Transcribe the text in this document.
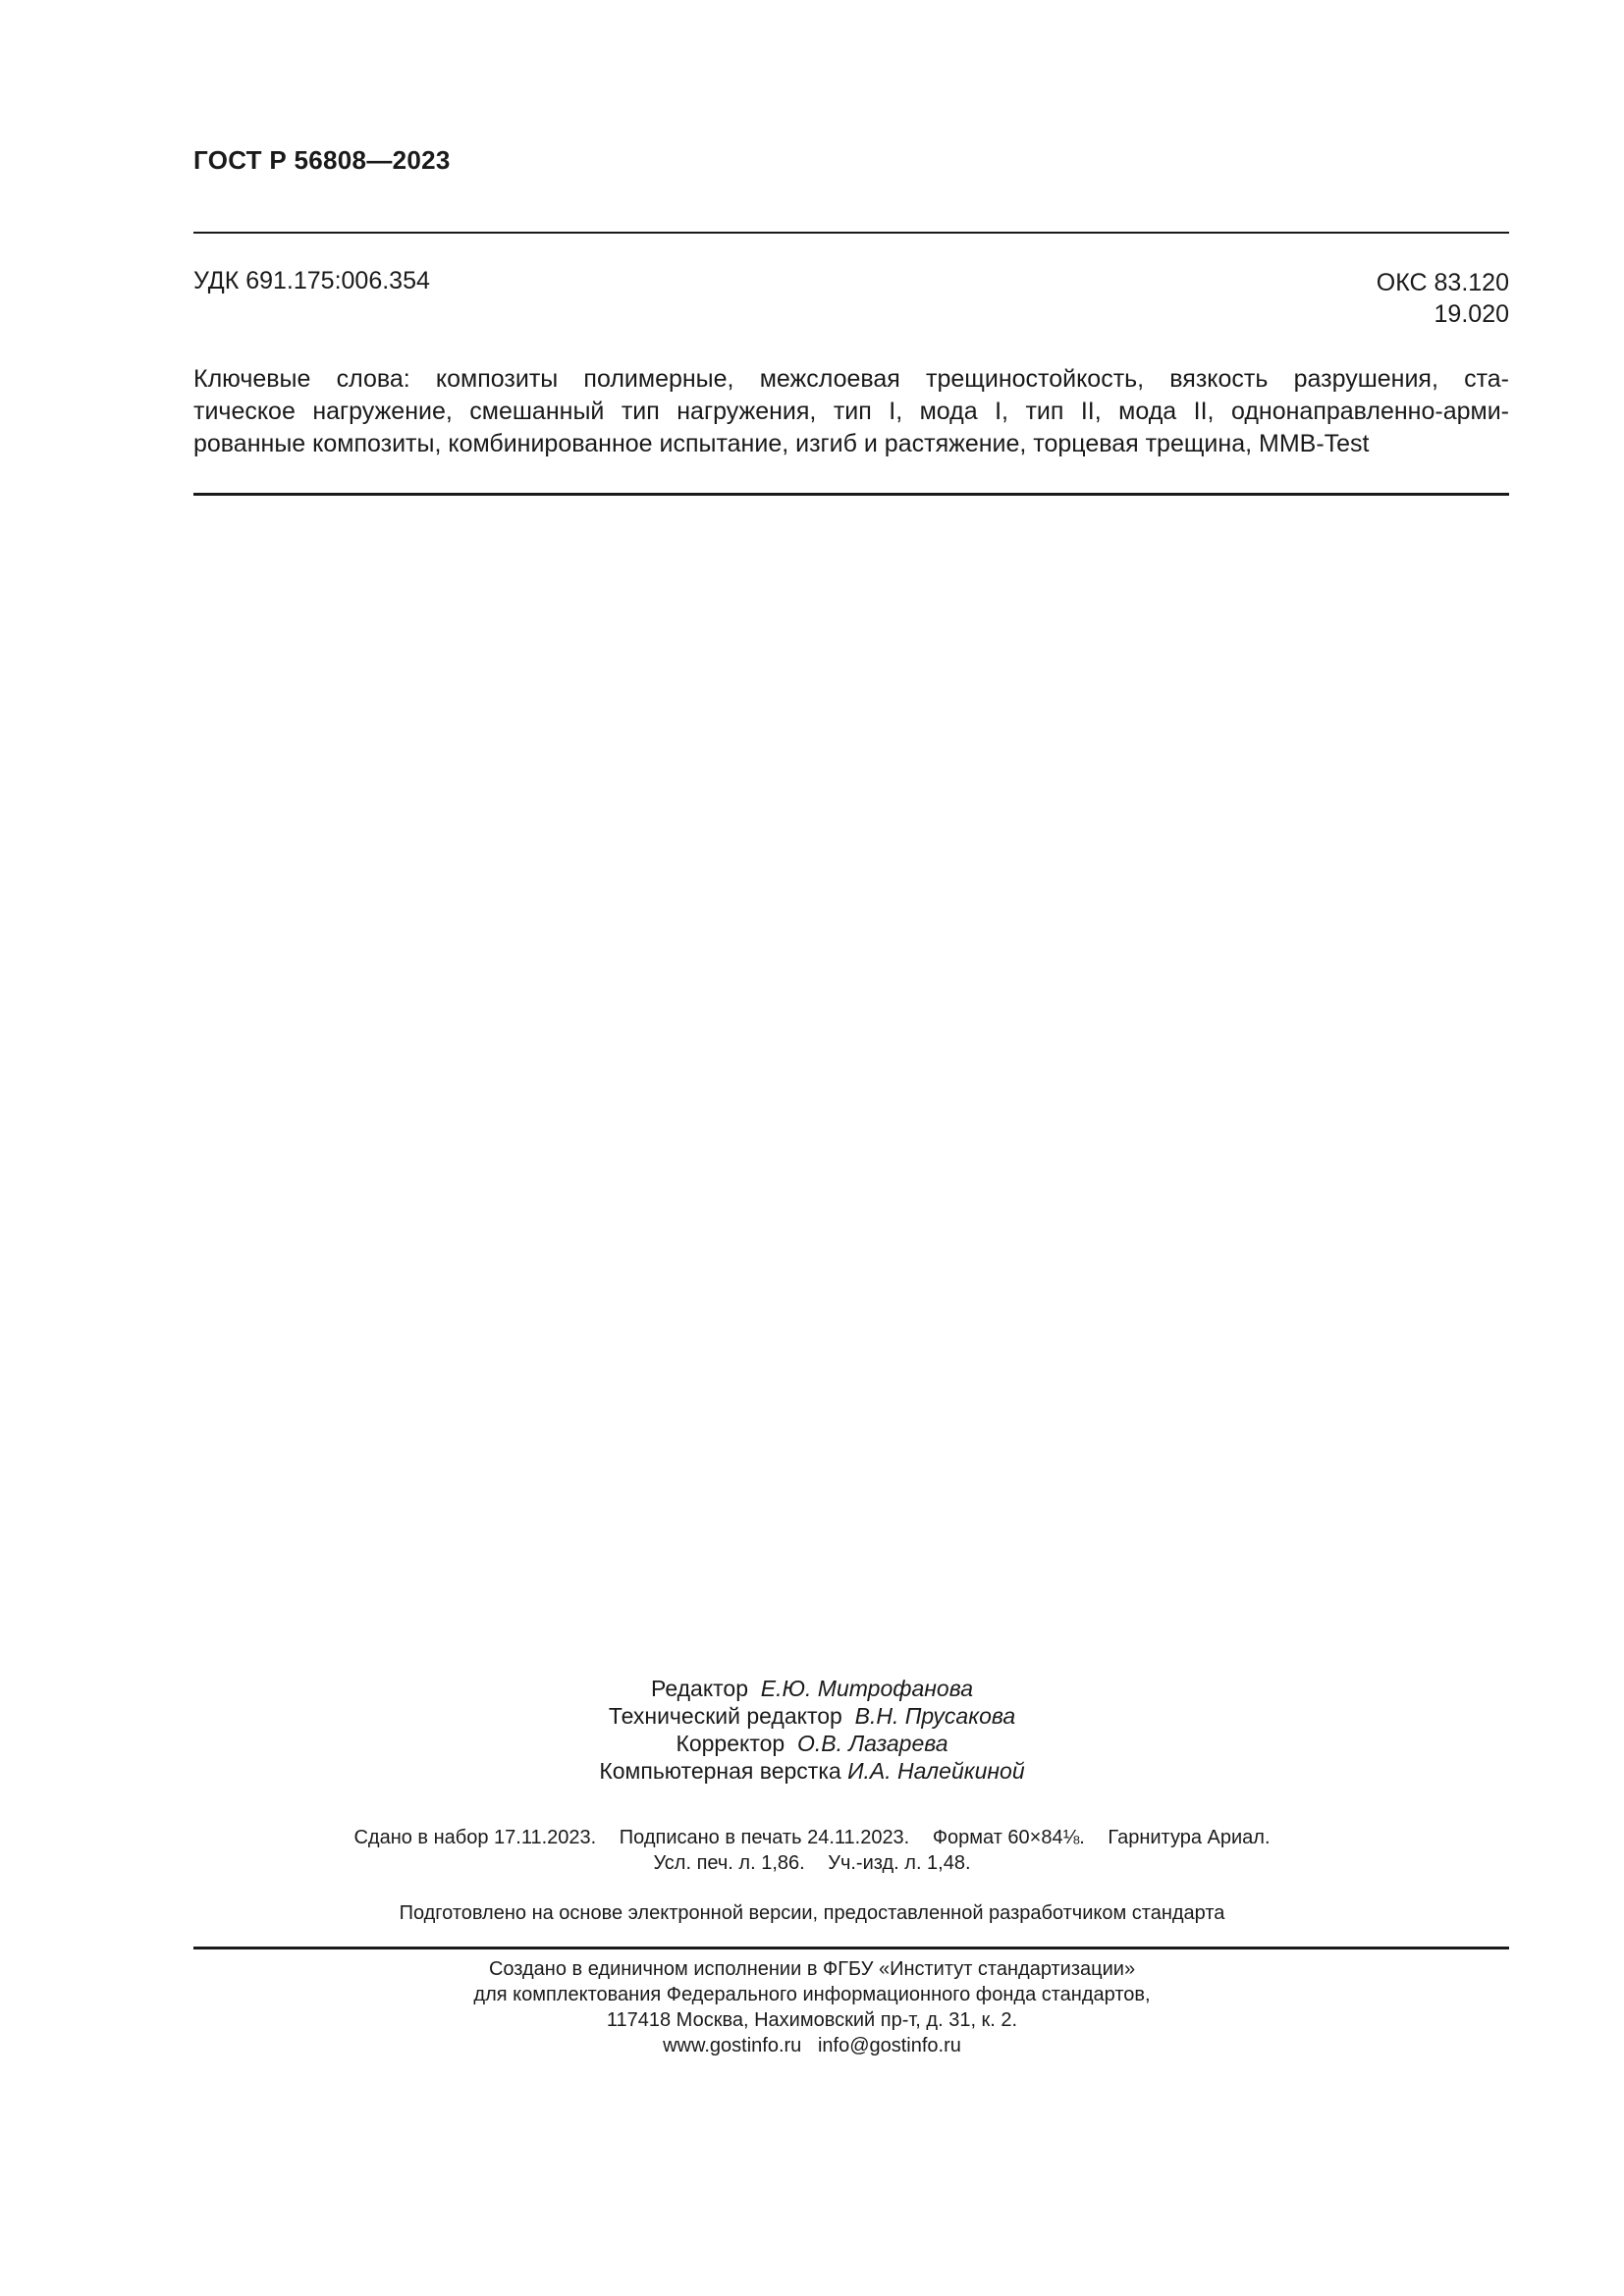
ГОСТ Р 56808—2023
УДК 691.175:006.354	ОКС 83.120
19.020
Ключевые слова: композиты полимерные, межслоевая трещиностойкость, вязкость разрушения, ста-
тическое нагружение, смешанный тип нагружения, тип I, мода I, тип II, мода II, однонаправленно-арми-
рованные композиты, комбинированное испытание, изгиб и растяжение, торцевая трещина, MMB-Test
Редактор Е.Ю. Митрофанова
Технический редактор В.Н. Прусакова
Корректор О.В. Лазарева
Компьютерная верстка И.А. Налейкиной
Сдано в набор 17.11.2023. Подписано в печать 24.11.2023. Формат 60×84⅛. Гарнитура Ариал.
Усл. печ. л. 1,86. Уч.-изд. л. 1,48.
Подготовлено на основе электронной версии, предоставленной разработчиком стандарта
Создано в единичном исполнении в ФГБУ «Институт стандартизации»
для комплектования Федерального информационного фонда стандартов,
117418 Москва, Нахимовский пр-т, д. 31, к. 2.
www.gostinfo.ru info@gostinfo.ru
